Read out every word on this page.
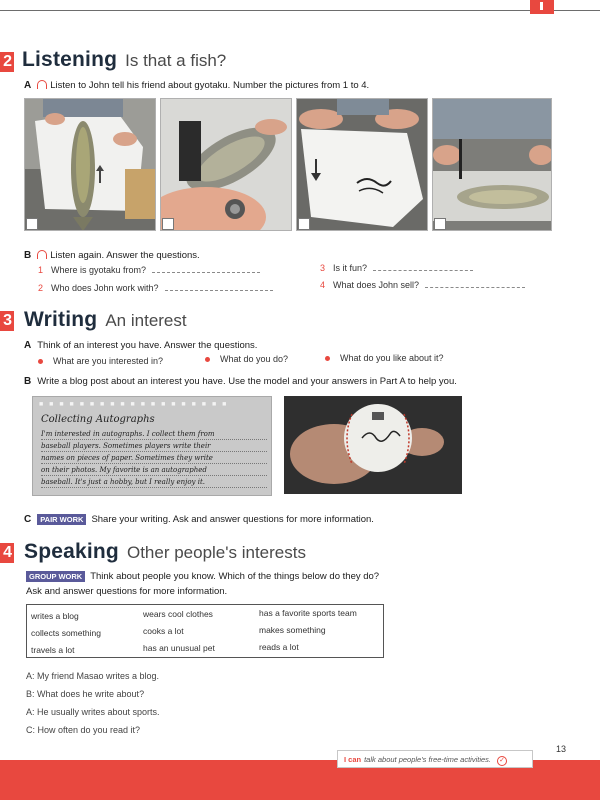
2 Listening Is that a fish?
A Listen to John tell his friend about gyotaku. Number the pictures from 1 to 4.
B Listen again. Answer the questions.
1 Where is gyotaku from?
2 Who does John work with?
3 Is it fun?
4 What does John sell?
3 Writing An interest
A Think of an interest you have. Answer the questions.
What are you interested in?	What do you do?	What do you like about it?
B Write a blog post about an interest you have. Use the model and your answers in Part A to help you.
■ ■ ■ ■ ■ ■ ■ ■ ■ ■ ■ ■ ■ ■ ■ ■ ■ ■ ■
Collecting Autographs
I'm interested in autographs. I collect them from
baseball players. Sometimes players write their
names on pieces of paper. Sometimes they write
on their photos. My favorite is an autographed
baseball. It's just a hobby, but I really enjoy it.
C PAIR WORK Share your writing. Ask and answer questions for more information.
4 Speaking Other people's interests
GROUP WORK Think about people you know. Which of the things below do they do?
Ask and answer questions for more information.
writes a blog	wears cool clothes	has a favorite sports team
collects something	cooks a lot	makes something
travels a lot	has an unusual pet	reads a lot
A: My friend Masao writes a blog.
B: What does he write about?
A: He usually writes about sports.
C: How often do you read it?
I can talk about people's free-time activities. ✓
13
